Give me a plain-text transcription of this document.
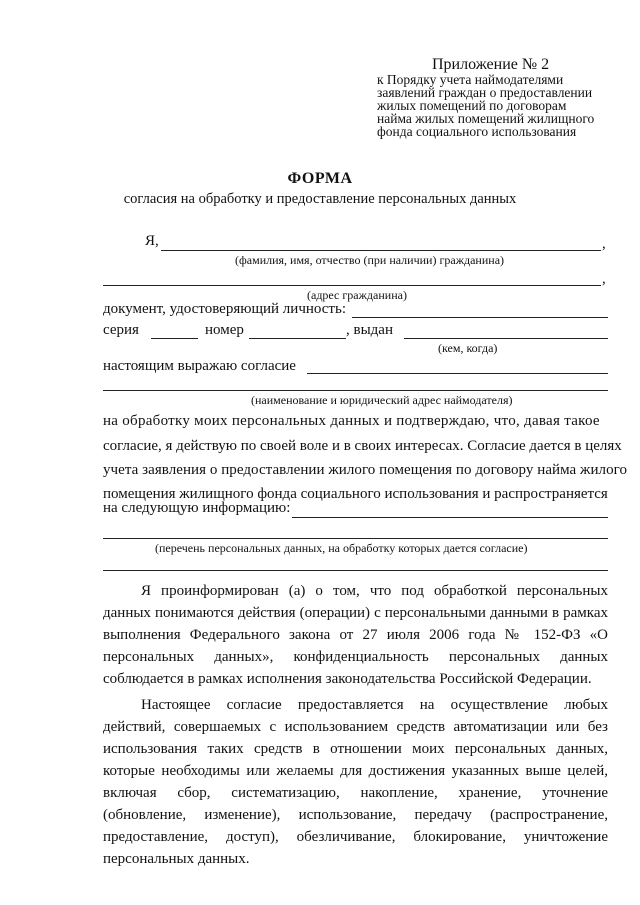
Приложение № 2
к Порядку учета наймодателями
заявлений граждан о предоставлении
жилых помещений по договорам
найма жилых помещений жилищного
фонда социального использования
ФОРМА
согласия на обработку и предоставление персональных данных
Я,	,
(фамилия, имя, отчество (при наличии) гражданина)
,
(адрес гражданина)
документ, удостоверяющий личность:
серия	номер	, выдан
(кем, когда)
настоящим выражаю согласие
(наименование и юридический адрес наймодателя)
на обработку моих персональных данных и подтверждаю, что, давая такое
согласие, я действую по своей воле и в своих интересах. Согласие дается в целях
учета заявления о предоставлении жилого помещения по договору найма жилого
помещения жилищного фонда социального использования и распространяется
на следующую информацию:
(перечень персональных данных, на обработку которых дается согласие)

Я проинформирован (а) о том, что под обработкой персональных данных понимаются действия (операции) с персональными данными в рамках выполнения Федерального закона от 27 июля 2006 года № 152-ФЗ «О персональных данных», конфиденциальность персональных данных соблюдается в рамках исполнения законодательства Российской Федерации.

Настоящее согласие предоставляется на осуществление любых действий, совершаемых с использованием средств автоматизации или без использования таких средств в отношении моих персональных данных, которые необходимы или желаемы для достижения указанных выше целей, включая сбор, систематизацию, накопление, хранение, уточнение (обновление, изменение), использование, передачу (распространение, предоставление, доступ), обезличивание, блокирование, уничтожение персональных данных.
